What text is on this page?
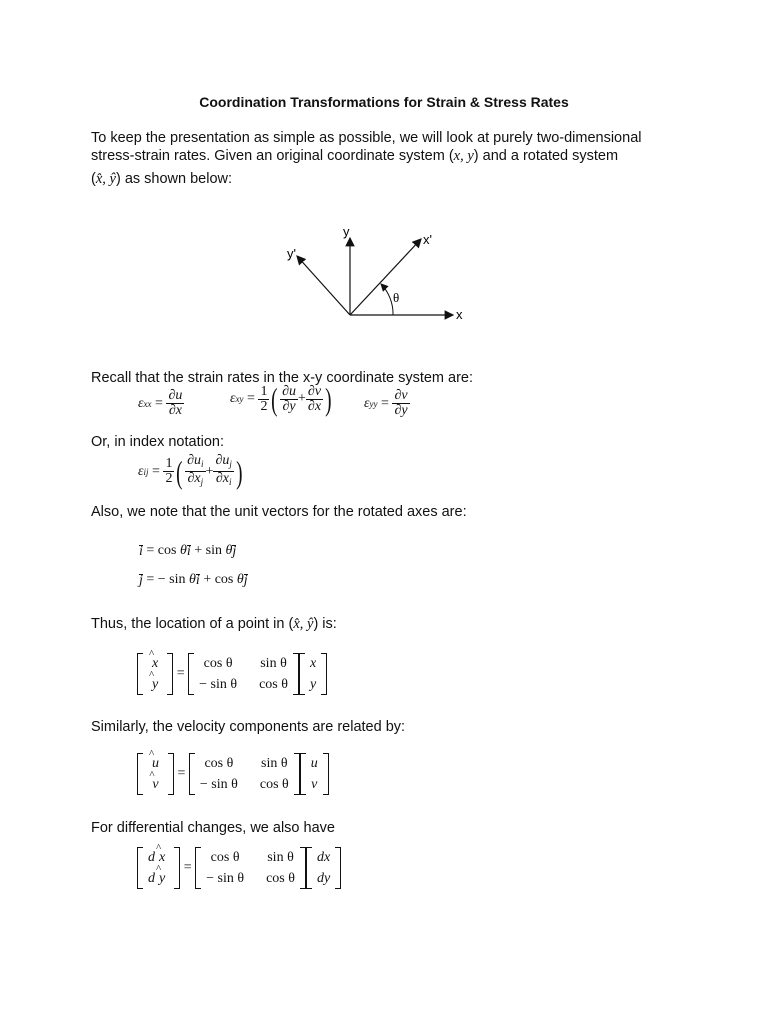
Coordination Transformations for Strain & Stress Rates
To keep the presentation as simple as possible, we will look at purely two-dimensional
stress-strain rates. Given an original coordinate system (x, y) and a rotated system
(x̂, ŷ) as shown below:
y
y'
x'
x
θ
Recall that the strain rates in the x-y coordinate system are:
ε xx = $\frac{\partial u}{\partial x}$	ε xy = $\frac{1}{2}$ ( $\frac{\partial u}{\partial y} + \frac{\partial v}{\partial x}$ ) ε yy = $\frac{\partial v}{\partial y}$
Or, in index notation:
ε ij = $\frac{1}{2}$ ( $\frac{\partial u_i}{\partial x_j} + \frac{\partial u_j}{\partial x_i}$ )
Also, we note that the unit vectors for the rotated axes are:
i = cos θ i + sin θ j
j = − sin θ i + cos θ j
Thus, the location of a point in (x̂, ŷ) is:
^ x
^ y
=
cos θ	sin θ
− sin θ cos θ
x
y
Similarly, the velocity components are related by:
^ u
^ v
=
cos θ	sin θ
− sin θ cos θ
u
v
For differential changes, we also have
d ^ x
d ^ y
=
cos θ	sin θ
− sin θ cos θ
dx
dy
